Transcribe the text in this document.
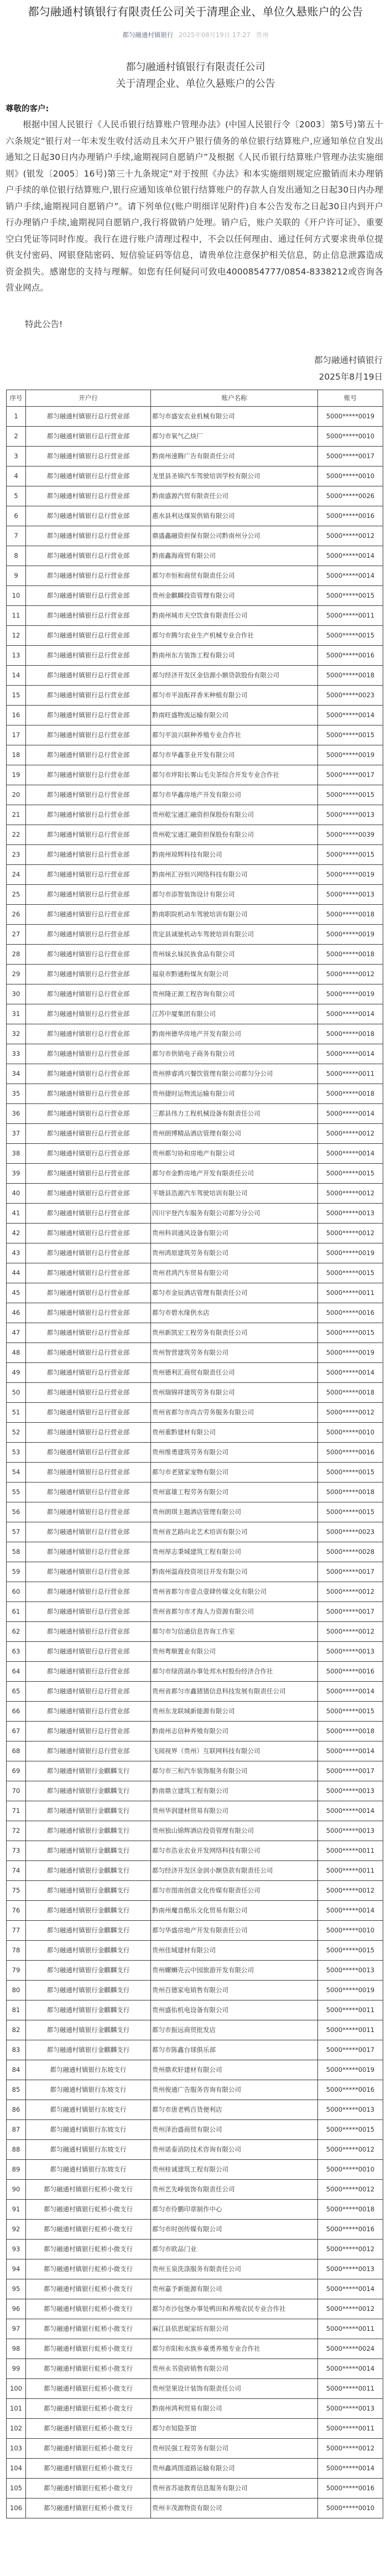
都匀融通村镇银行有限责任公司关于清理企业、单位久悬账户的公告
都匀融通村镇银行 2025年08月19日 17:27 贵州
都匀融通村镇银行有限责任公司
关于清理企业、单位久悬账户的公告
尊敬的客户:

根据中国人民银行《人民币银行结算账户管理办法》(中国人民银行令〔2003〕第5号)第五十六条规定“银行对一年未发生收付活动且未欠开户银行债务的单位银行结算账户,应通知单位自发出通知之日起30日内办理销户手续,逾期视同自愿销户”及根据《人民币银行结算账户管理办法实施细则》(银发〔2005〕16号)第三十九条规定“对于按照《办法》和本实施细则规定应撤销而未办理销户手续的单位银行结算账户,银行应通知该单位银行结算账户的存款人自发出通知之日起30日内办理销户手续,逾期视同自愿销户”。请下列单位(账户明细详见附件)自本公告发布之日起30日内到开户行办理销户手续,逾期视同自愿销户,我行将做销户处理。销户后，账户关联的《开户许可证》、重要空白凭证等同时作废。我行在进行账户清理过程中，不会以任何理由、通过任何方式要求贵单位提供支付密码、网银登陆密码、短信验证码等信息，请贵单位注意保护相关信息，防止信息泄露造成资金损失。感谢您的支持与理解。如您有任何疑问可致电4000854777/0854-8338212或咨询各营业网点。

特此公告!
都匀融通村镇银行
2025年8月19日
序号	开户行	账户名称	账号
1	都匀融通村镇银行总行营业部	都匀市盛安农业机械有限公司	5000*****0019
2	都匀融通村镇银行总行营业部	都匀市氧气乙炔厂	5000*****0010
3	都匀融通村镇银行总行营业部	黔南州速腾广告有限责任公司	5000*****0017
4	都匀融通村镇银行总行营业部	龙里县圣锦汽车驾驶培训学校有限公司	5000*****0010
5	都匀融通村镇银行总行营业部	黔南盛源汽贸有限责任公司	5000*****0026
6	都匀融通村镇银行总行营业部	惠水县利达煤炭供销有限公司	5000*****0016
7	都匀融通村镇银行总行营业部	鼎盛鑫融资担保有限公司黔南州分公司	5000*****0012
8	都匀融通村镇银行总行营业部	黔南鑫海商贸有限公司	5000*****0014
9	都匀融通村镇银行总行营业部	都匀市恒和商贸有限责任公司	5000*****0014
10	都匀融通村镇银行总行营业部	贵州金麒麟投资管理有限公司	5000*****0015
11	都匀融通村镇银行总行营业部	黔南州城市天空饮食有限责任公司	5000*****0011
12	都匀融通村镇银行总行营业部	都匀市腾匀农业生产机械专业合作社	5000*****0015
13	都匀融通村镇银行总行营业部	黔南州东方装饰工程有限公司	5000*****0016
14	都匀融通村镇银行总行营业部	都匀经济开发区金信源小额贷款股份有限公司	5000*****0018
15	都匀融通村镇银行总行营业部	都匀市平浪酝祥香米种植有限公司	5000*****0023
16	都匀融通村镇银行总行营业部	黔南旺盛物流运输有限公司	5000*****0014
17	都匀融通村镇银行总行营业部	都匀平浪兴联种养殖专业合作社	5000*****0015
18	都匀融通村镇银行总行营业部	都匀市华鑫茶业开发有限公司	5000*****0019
19	都匀融通村镇银行总行营业部	都匀市坪阳长雾山毛尖茶综合开发专业合作社	5000*****0017
20	都匀融通村镇银行总行营业部	都匀市华鑫房地产开发有限公司	5000*****0015
21	都匀融通村镇银行总行营业部	贵州乾宝通汇融资担保股份有限公司	5000*****0013
22	都匀融通村镇银行总行营业部	贵州乾宝通汇融资担保股份有限公司	5000*****0039
23	都匀融通村镇银行总行营业部	黔南州琼辉科技有限公司	5000*****0015
24	都匀融通村镇银行总行营业部	黔南州汇谷恒兴网络科技有限公司	5000*****0019
25	都匀融通村镇银行总行营业部	都匀市添智装饰设计有限公司	5000*****0013
26	都匀融通村镇银行总行营业部	黔南职院机动车驾驶培训有限公司	5000*****0018
27	都匀融通村镇银行总行营业部	贵定县诚驰机动车驾驶培训有限公司	5000*****0019
28	都匀融通村镇银行总行营业部	贵州妹幺妹民族食品有限公司	5000*****0018
29	都匀融通村镇银行总行营业部	福泉市黔通粉煤灰有限公司	5000*****0012
30	都匀融通村镇银行总行营业部	贵州隆正源工程咨询有限公司	5000*****0019
31	都匀融通村镇银行总行营业部	江苏中厦集团有限公司	5000*****0014
32	都匀融通村镇银行总行营业部	黔南州德华房地产开发有限公司	5000*****0018
33	都匀融通村镇银行总行营业部	都匀市供销电子商务有限公司	5000*****0014
34	都匀融通村镇银行总行营业部	贵州骅睿鸿兴餐饮管理有限公司都匀分公司	5000*****0011
35	都匀融通村镇银行总行营业部	贵州捷时运物流运输有限公司	5000*****0018
36	都匀融通村镇银行总行营业部	三都县伟力工程机械设备有限责任公司	5000*****0014
37	都匀融通村镇银行总行营业部	贵州朗博精品酒店管理有限公司	5000*****0012
38	都匀融通村镇银行总行营业部	贵州都匀协和房地产有限公司	5000*****0014
39	都匀融通村镇银行总行营业部	都匀市金黔房地产开发有限责任公司	5000*****0015
40	都匀融通村镇银行总行营业部	平塘县浩源汽车驾驶培训有限公司	5000*****0012
41	都匀融通村镇银行总行营业部	四川宇登汽车服务有限公司都匀分公司	5000*****0013
42	都匀融通村镇银行总行营业部	贵州科训通风设备有限公司	5000*****0012
43	都匀融通村镇银行总行营业部	贵州鸿原建筑劳务有限公司	5000*****0019
44	都匀融通村镇银行总行营业部	贵州君鸿汽车贸易有限公司	5000*****0015
45	都匀融通村镇银行总行营业部	都匀市金辰酒店管理有限责任公司	5000*****0011
46	都匀融通村镇银行总行营业部	都匀市碧水缘供水店	5000*****0016
47	都匀融通村镇银行总行营业部	贵州新凯宏工程劳务有限责任公司	5000*****0015
48	都匀融通村镇银行总行营业部	贵州智营建筑劳务有限公司	5000*****0019
49	都匀融通村镇银行总行营业部	贵州德利汇商贸有限责任公司	5000*****0014
50	都匀融通村镇银行总行营业部	贵州瑞锦祥建筑劳务有限公司	5000*****0018
51	都匀融通村镇银行总行营业部	贵州省都匀市尚吉劳务服务有限公司	5000*****0012
52	都匀融通村镇银行总行营业部	贵州重黔建材有限公司	5000*****0010
53	都匀融通村镇银行总行营业部	贵州维勇建筑劳务有限公司	5000*****0016
54	都匀融通村镇银行总行营业部	都匀市老猪家宠物有限公司	5000*****0015
55	都匀融通村镇银行总行营业部	贵州富雄工程劳务有限公司	5000*****0018
56	都匀融通村镇银行总行营业部	贵州朗琪主题酒店管理有限公司	5000*****0015
57	都匀融通村镇银行总行营业部	贵州省艺路向北艺术培训有限公司	5000*****0023
58	都匀融通村镇银行总行营业部	贵州厚志秉城建筑工程有限公司	5000*****0028
59	都匀融通村镇银行总行营业部	黔南州温商投资项目开发有限公司	5000*****0017
60	都匀融通村镇银行总行营业部	贵州省都匀市壹点壹肆传媒文化有限公司	5000*****0012
61	都匀融通村镇银行总行营业部	贵州省都匀市才海人力资源有限公司	5000*****0017
62	都匀融通村镇银行总行营业部	都匀市匀信通信息咨询工作室	5000*****0012
63	都匀融通村镇银行总行营业部	贵州粤顺置业有限公司	5000*****0013
64	都匀融通村镇银行总行营业部	都匀市绿茵湖办事处邦水村股份经济合作社	5000*****0016
65	都匀融通村镇银行总行营业部	贵州省都匀市鑫猪猪信息科技发展有限责任公司	5000*****0014
66	都匀融通村镇银行总行营业部	贵州东龙联城新能源有限公司	5000*****0015
67	都匀融通村镇银行总行营业部	黔南州志信种养殖有限公司	5000*****0018
68	都匀融通村镇银行总行营业部	飞阅视界（贵州）互联网科技有限公司	5000*****0014
69	都匀融通村镇银行金麒麟支行	都匀市三和汽车装饰服务有限公司	5000*****0017
70	都匀融通村镇银行金麒麟支行	黔南鼎立建筑工程有限公司	5000*****0013
71	都匀融通村镇银行金麒麟支行	贵州华润建材贸易有限公司	5000*****0014
72	都匀融通村镇银行金麒麟支行	贵州独山锦辉酒店投资管理有限公司	5000*****0013
73	都匀融通村镇银行金麒麟支行	都匀市浩业农业开发网络科技有限公司	5000*****0011
74	都匀融通村镇银行金麒麟支行	都匀经济开发区金润小额贷款有限责任公司	5000*****0011
75	都匀融通村镇银行金麒麟支行	都匀市图南创意文化传媒有限责任公司	5000*****0012
76	都匀融通村镇银行金麒麟支行	黔南州魔音酷乐文化贸易有限公司	5000*****0014
77	都匀融通村镇银行金麒麟支行	都匀华盛房地产开发有限责任公司	5000*****0010
78	都匀融通村镇银行金麒麟支行	贵州佳城建材有限公司	5000*****0015
79	都匀融通村镇银行金麒麟支行	贵州螺蛳壳云中园旅游开发有限公司	5000*****0013
80	都匀融通村镇银行金麒麟支行	贵州百德家电销售有限公司	5000*****0019
81	都匀融通村镇银行金麒麟支行	贵州盛佑机电设备有限公司	5000*****0011
82	都匀融通村镇银行金麒麟支行	都匀市振远商贸批发店	5000*****0011
83	都匀融通村镇银行金麒麟支行	都匀市陈鑫台球俱乐部	5000*****0017
84	都匀融通村镇银行东坡支行	贵州鼎欢轩建材有限公司	5000*****0019
85	都匀融通村镇银行东坡支行	贵州俊通广告服务咨询有限公司	5000*****0016
86	都匀融通村镇银行东坡支行	都匀市唐老鸭百货便利店	5000*****0013
87	都匀融通村镇银行东坡支行	贵州泽治盛商贸有限公司	5000*****0015
88	都匀融通村镇银行东坡支行	贵州诺泰消防技术咨询有限公司	5000*****0012
89	都匀融通村镇银行东坡支行	贵州桂诚建筑工程有限公司	5000*****0010
90	都匀融通村镇银行虹桥小微支行	贵州艺先峰装饰有限责任公司	5000*****0012
91	都匀融通村镇银行虹桥小微支行	都匀市伶鹏印章制作中心	5000*****0018
92	都匀融通村镇银行虹桥小微支行	都匀市时创传媒有限公司	5000*****0016
93	都匀融通村镇银行虹桥小微支行	都匀市欧品门业	5000*****0012
94	都匀融通村镇银行虹桥小微支行	贵州玉泉洗涤服务有限责任公司	5000*****0013
95	都匀融通村镇银行虹桥小微支行	贵州嘉予新能源有限公司	5000*****0014
96	都匀融通村镇银行虹桥小微支行	都匀市沙包堡办事处鸭田和养殖农民专业合作社	5000*****0012
97	都匀融通村镇银行虹桥小微支行	麻江县依思妮家纺有限公司	5000*****0011
98	都匀融通村镇银行虹桥小微支行	都匀市阳和水族乡豪勇养殖专业合作社	5000*****0024
99	都匀融通村镇银行虹桥小微支行	贵州永书瓷砖销售有限公司	5000*****0014
100	都匀融通村镇银行虹桥小微支行	贵州坚果设计装饰有限责任公司	5000*****0011
101	都匀融通村镇银行虹桥小微支行	黔南州鸿利贸易有限公司	5000*****0013
102	都匀融通村镇银行虹桥小微支行	都匀市知隐茶馆	5000*****0011
103	都匀融通村镇银行虹桥小微支行	贵州民强工程劳务有限公司	5000*****0012
104	都匀融通村镇银行虹桥小微支行	贵州鑫鸿图道路运输有限公司	5000*****0014
105	都匀融通村镇银行虹桥小微支行	贵州省苏迪教育信息服务有限公司	5000*****0016
106	都匀融通村镇银行虹桥小微支行	贵州丰茂源物资有限公司	5000*****0010
